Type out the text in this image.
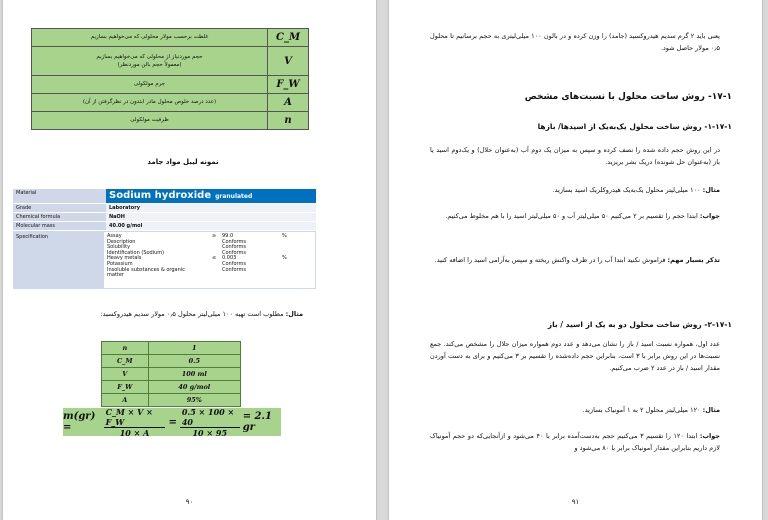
غلظت برحسب مولار محلولی که می‌خواهیم بسازیم	C_M

حجم موردنیاز از محلولی که می‌خواهیم بسازیم
(معمولاً حجم بالن موردنظر)	V
جرم مولکولی	F_W
(عدد درصد خلوص محلول مادر ابتدون در نظرگرفتن از آن)	A
ظرفیت مولکولی	n
نمونه لیبل مواد جامد
Material	Sodium hydroxide granulated
Grade	Laboratory
Chemical formula	NaOH
Molecular mass	40.00 g/mol
Specification	Assay	≥	99.0	%
Description	Conforms
Solubility	Conforms
Identification (Sodium)	Conforms
Heavy metals	≤	0.003	%
Potassium	Conforms
Insoluble substances & organic	Conforms
matter
مثال: مطلوب است تهیه ۱۰۰ میلی‌لیتر محلول ۰٫۵ مولار سدیم هیدروکسید:
n	1
C_M	0.5
V	100 ml
F_W	40 g/mol
A	95%
m(gr) =	$\frac{C\_M \times V \times F\_W}{10 \times A} = \frac{0.5 \times 100 \times 40}{10 \times 95} = 2.1$ gr
۹۰
یعنی باید ۲ گرم سدیم هیدروکسید (جامد) را وزن کرده و در بالون ۱۰۰ میلی‌لیتری به حجم برسانیم تا محلول ۰٫۵ مولار حاصل شود.
۱۷-۱- روش ساخت محلول با نسبت‌های مشخص
۱-۱۷-۱- روش ساخت محلول یک‌به‌یک از اسیدها/ بازها
در این روش حجم داده شده را نصف کرده و سپس به میزان یک دوم آب (به‌عنوان حلال) و یک‌دوم اسید یا باز (به‌عنوان حل شونده) دریک بشر بریزید.
مثال: ۱۰۰ میلی‌لیتر محلول یک‌به‌یک هیدروکلریک اسید بسازید.
جواب: ابتدا حجم را تقسیم بر ۲ می‌کنیم ۵۰ میلی‌لیتر آب و ۵۰ میلی‌لیتر اسید را با هم مخلوط می‌کنیم.
تذکر بسیار مهم: فراموش نکنید ابتدا آب را در ظرف واکنش ریخته و سپس به‌آرامی اسید را اضافه کنید.
۲-۱۷-۱- روش ساخت محلول دو به یک از اسید / باز
عدد اول، همواره نسبت اسید / باز را نشان می‌دهد و عدد دوم همواره میزان حلال را مشخص می‌کند. جمع نسبت‌ها در این روش برابر با ۳ است، بنابراین حجم داده‌شده را تقسیم بر ۳ می‌کنیم و برای به دست آوردن مقدار اسید / باز در عدد ۲ ضرب می‌کنیم.
مثال: ۱۲۰ میلی‌لیتر محلول ۲ به ۱ آمونیاک بسازید.
جواب: ابتدا ۱۲۰ را تقسیم ۳ می‌کنیم حجم به‌دست‌آمده برابر با ۴۰ می‌شود و ازآنجایی‌که دو حجم آمونیاک لازم داریم بنابراین مقدار آمونیاک برابر با ۸۰ می‌شود و
۹۱
